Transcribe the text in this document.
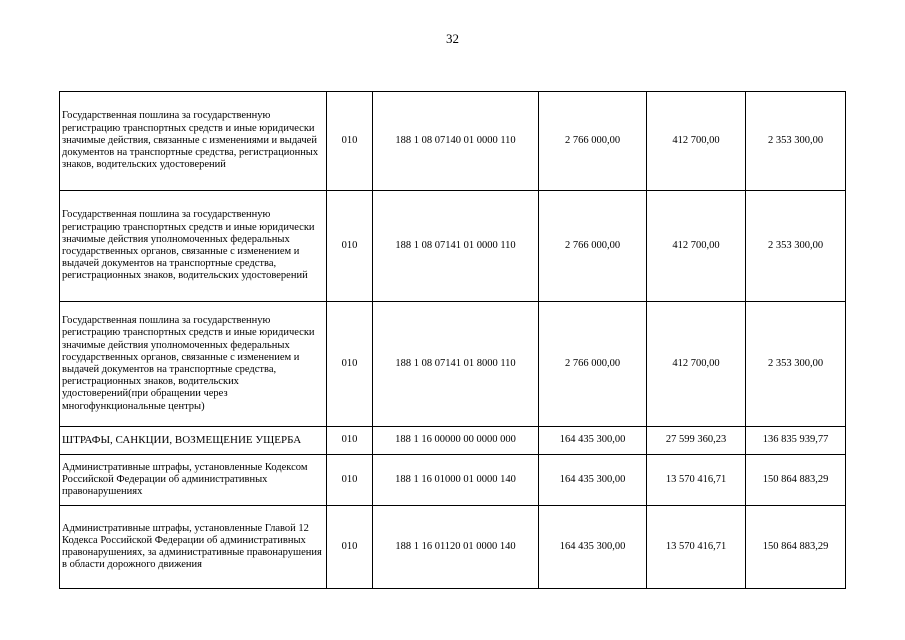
32
Государственная пошлина за государственную регистрацию транспортных средств и иные юридически значимые действия, связанные с изменениями и выдачей документов на транспортные средства, регистрационных знаков, водительских удостоверений	010	188 1 08 07140 01 0000 110	2 766 000,00	412 700,00	2 353 300,00
Государственная пошлина за государственную регистрацию транспортных средств и иные юридически значимые действия уполномоченных федеральных государственных органов, связанные с изменением и выдачей документов на транспортные средства, регистрационных знаков, водительских удостоверений	010	188 1 08 07141 01 0000 110	2 766 000,00	412 700,00	2 353 300,00
Государственная пошлина за государственную регистрацию транспортных средств и иные юридически значимые действия уполномоченных федеральных государственных органов, связанные с изменением и выдачей документов на транспортные средства, регистрационных знаков, водительских удостоверений(при обращении через многофункциональные центры)	010	188 1 08 07141 01 8000 110	2 766 000,00	412 700,00	2 353 300,00
ШТРАФЫ, САНКЦИИ, ВОЗМЕЩЕНИЕ УЩЕРБА	010	188 1 16 00000 00 0000 000	164 435 300,00	27 599 360,23	136 835 939,77
Административные штрафы, установленные Кодексом Российской Федерации об административных правонарушениях	010	188 1 16 01000 01 0000 140	164 435 300,00	13 570 416,71	150 864 883,29
Административные штрафы, установленные Главой 12 Кодекса Российской Федерации об административных правонарушениях, за административные правонарушения в области дорожного движения	010	188 1 16 01120 01 0000 140	164 435 300,00	13 570 416,71	150 864 883,29
